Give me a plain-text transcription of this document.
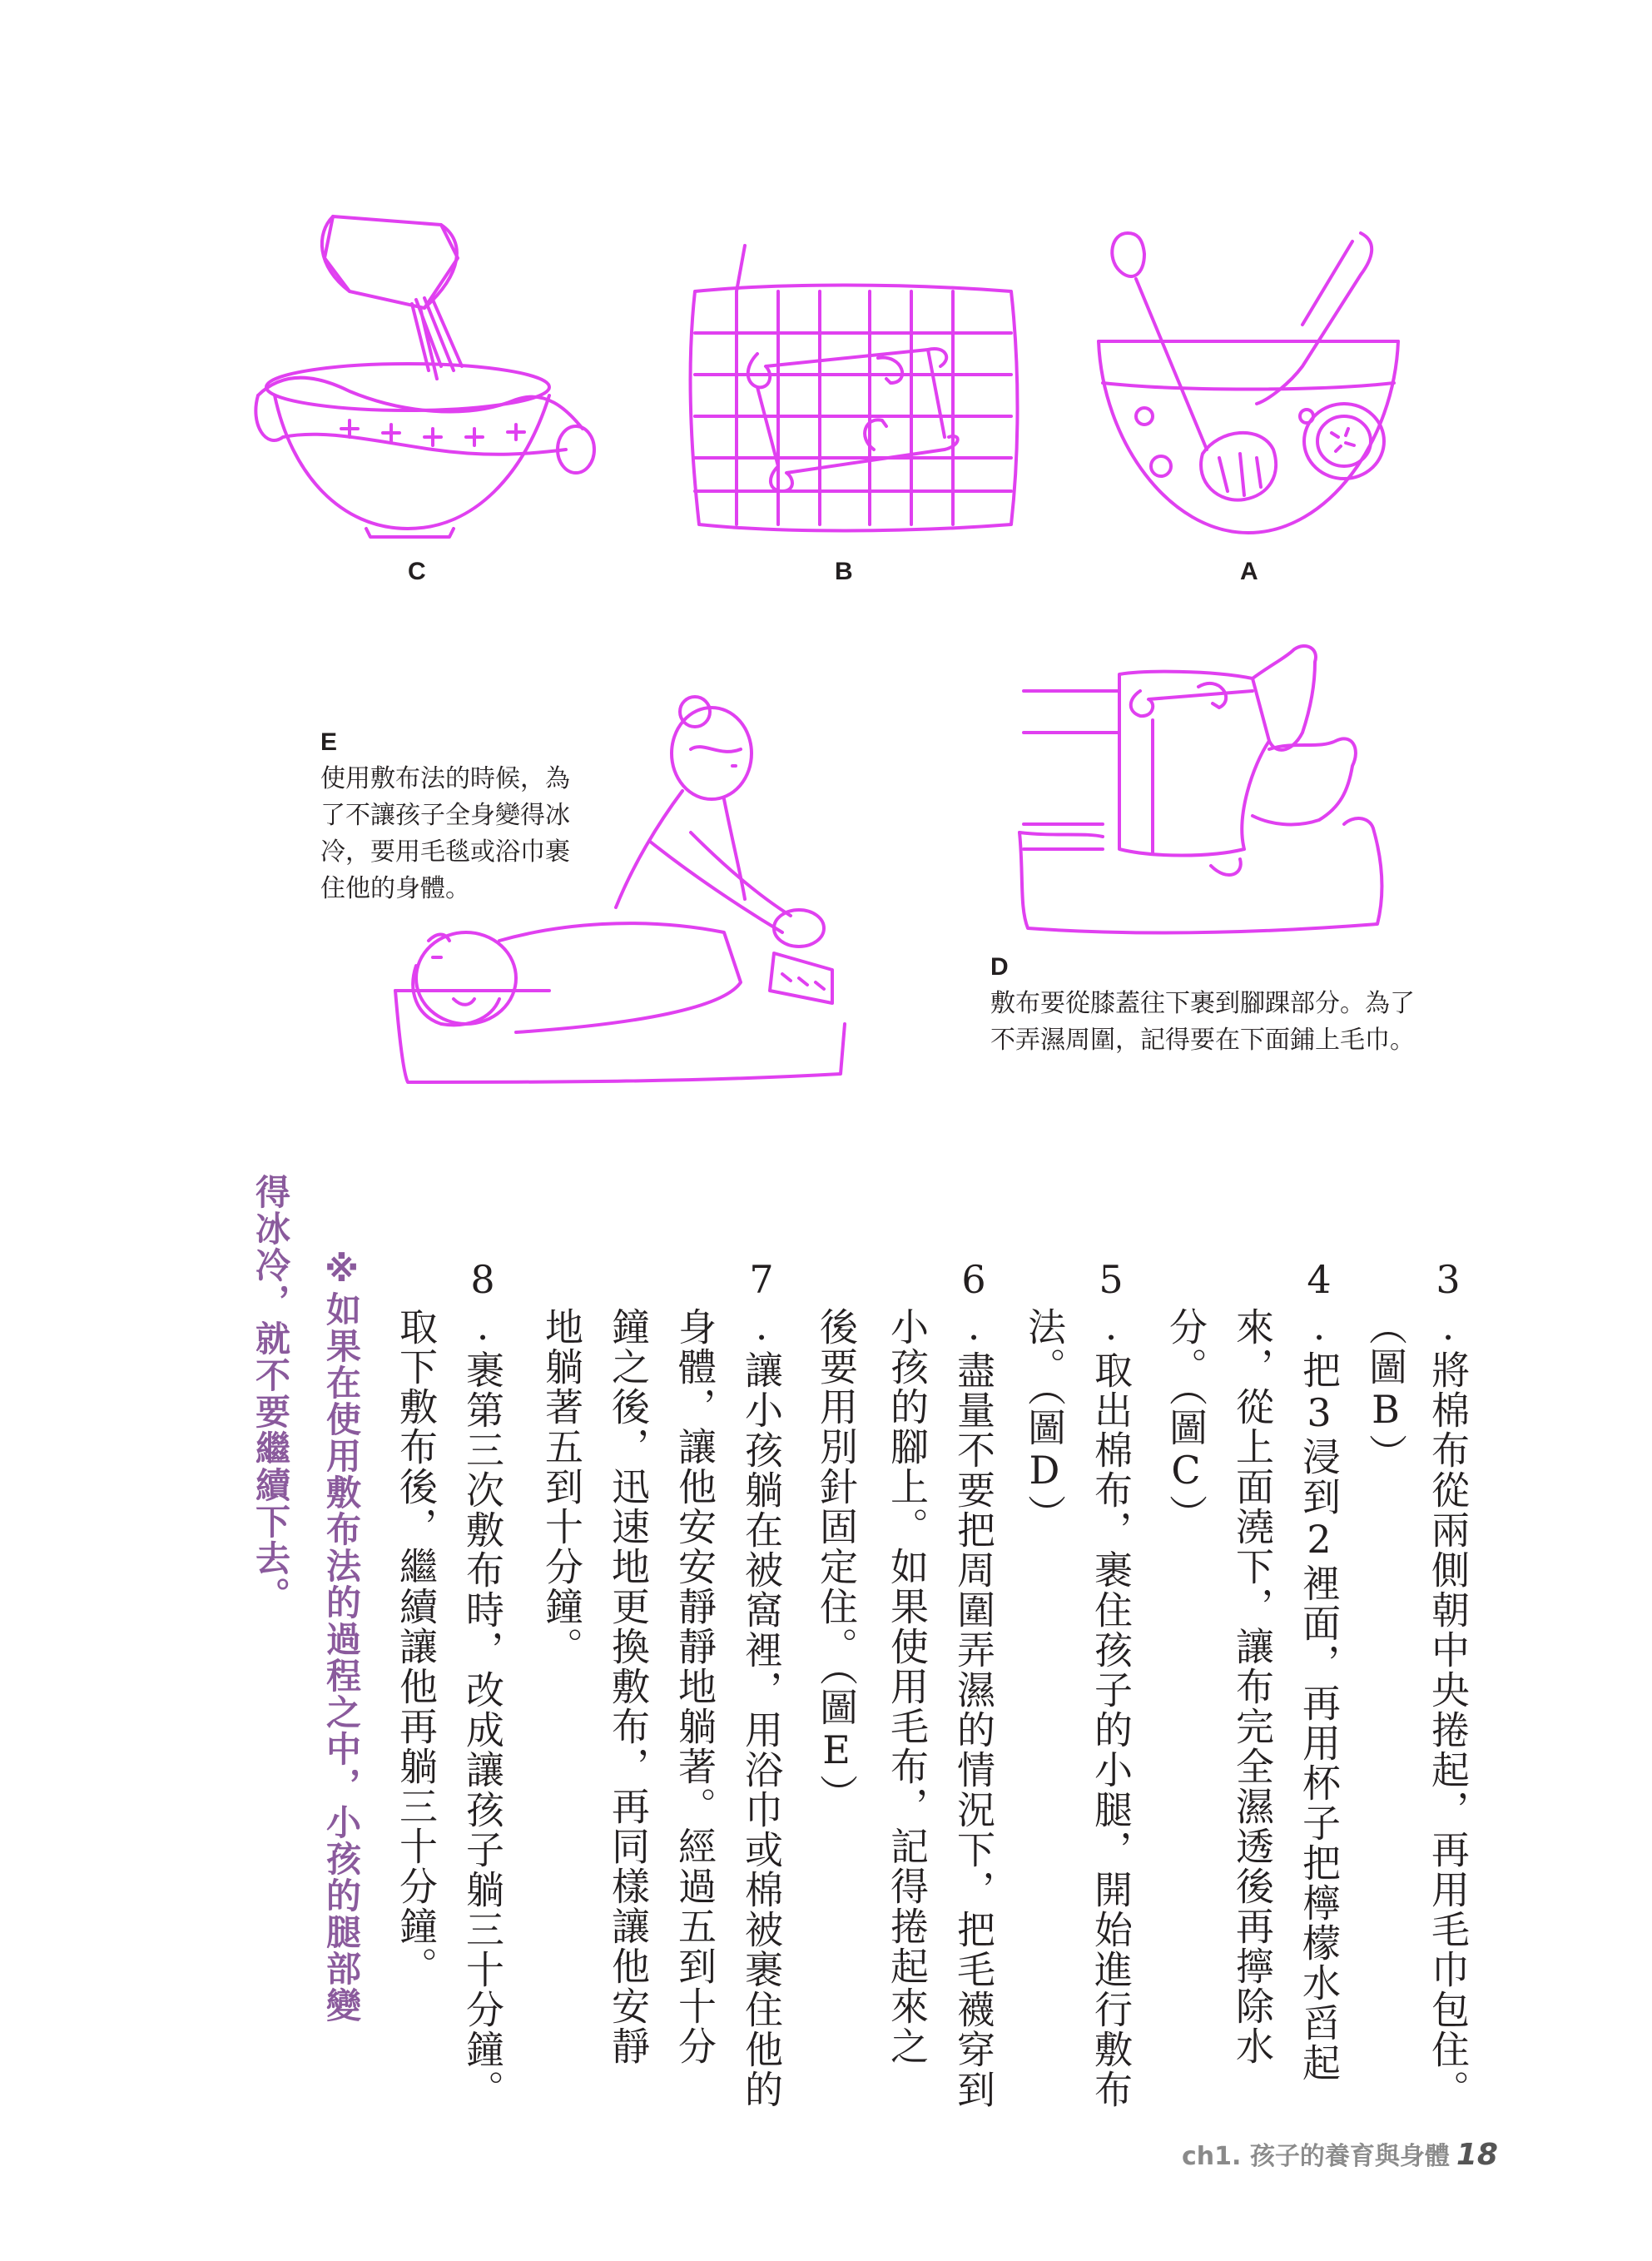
C	B	A
E
使用敷布法的時候，為
了不讓孩子全身變得冰
冷，要用毛毯或浴巾裹
住他的身體。
D
敷布要從膝蓋往下裹到腳踝部分。為了
不弄濕周圍，記得要在下面鋪上毛巾。
3.將棉布從兩側朝中央捲起，再用毛巾包住。
（圖B）
4.把3浸到2裡面，再用杯子把檸檬水舀起
來，從上面澆下，讓布完全濕透後再擰除水
分。（圖C）
5.取出棉布，裹住孩子的小腿，開始進行敷布
法。（圖D）
6.盡量不要把周圍弄濕的情況下，把毛襪穿到
小孩的腳上。如果使用毛布，記得捲起來之
後要用別針固定住。（圖E）
7.讓小孩躺在被窩裡，用浴巾或棉被裹住他的
身體，讓他安安靜靜地躺著。經過五到十分
鐘之後，迅速地更換敷布，再同樣讓他安靜
地躺著五到十分鐘。
8.裹第三次敷布時，改成讓孩子躺三十分鐘。
取下敷布後，繼續讓他再躺三十分鐘。
※如果在使用敷布法的過程之中，小孩的腿部變
得冰冷，就不要繼續下去。
ch1. 孩子的養育與身體 18
